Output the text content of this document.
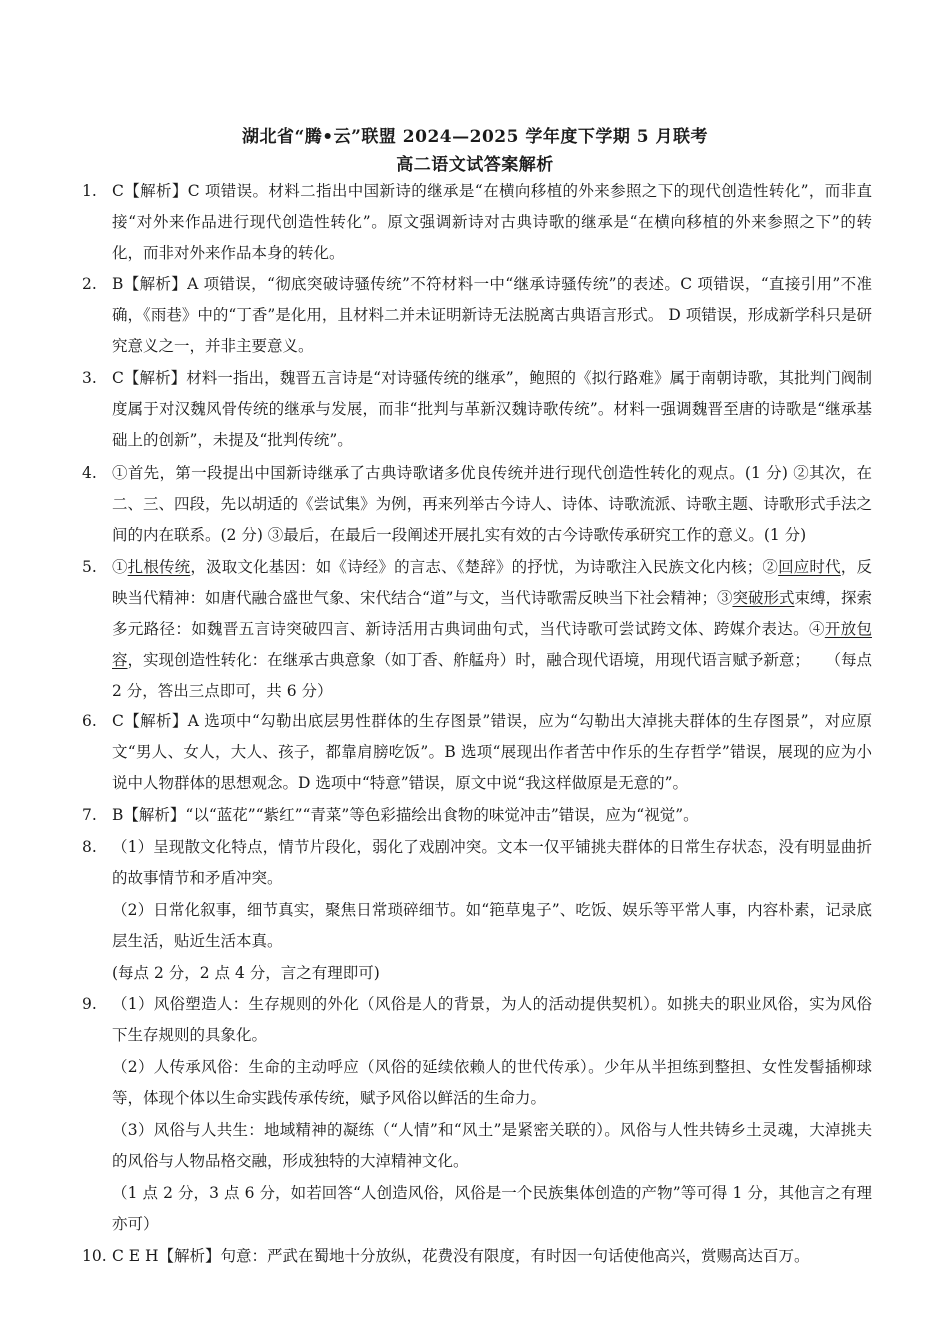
湖北省“腾•云”联盟 2024—2025 学年度下学期 5 月联考
高二语文试答案解析
1. C【解析】C 项错误。材料二指出中国新诗的继承是“在横向移植的外来参照之下的现代创造性转化”，而非直接“对外来作品进行现代创造性转化”。原文强调新诗对古典诗歌的继承是“在横向移植的外来参照之下”的转化，而非对外来作品本身的转化。
2. B【解析】A 项错误，“彻底突破诗骚传统”不符材料一中“继承诗骚传统”的表述。C 项错误，“直接引用”不准确，《雨巷》中的“丁香”是化用，且材料二并未证明新诗无法脱离古典语言形式。 D 项错误，形成新学科只是研究意义之一，并非主要意义。
3. C【解析】材料一指出，魏晋五言诗是“对诗骚传统的继承”，鲍照的《拟行路难》属于南朝诗歌，其批判门阀制度属于对汉魏风骨传统的继承与发展，而非“批判与革新汉魏诗歌传统”。材料一强调魏晋至唐的诗歌是“继承基础上的创新”，未提及“批判传统”。
4. ①首先，第一段提出中国新诗继承了古典诗歌诸多优良传统并进行现代创造性转化的观点。(1 分) ②其次，在二、三、四段，先以胡适的《尝试集》为例，再来列举古今诗人、诗体、诗歌流派、诗歌主题、诗歌形式手法之间的内在联系。(2 分) ③最后，在最后一段阐述开展扎实有效的古今诗歌传承研究工作的意义。(1 分)
5. ①扎根传统，汲取文化基因：如《诗经》的言志、《楚辞》的抒忧，为诗歌注入民族文化内核；②回应时代，反映当代精神：如唐代融合盛世气象、宋代结合“道”与文，当代诗歌需反映当下社会精神；③突破形式束缚，探索多元路径：如魏晋五言诗突破四言、新诗活用古典词曲句式，当代诗歌可尝试跨文体、跨媒介表达。④开放包容，实现创造性转化：在继承古典意象（如丁香、舴艋舟）时，融合现代语境，用现代语言赋予新意；　　（每点 2 分，答出三点即可，共 6 分）
6. C【解析】A 选项中“勾勒出底层男性群体的生存图景”错误，应为“勾勒出大淖挑夫群体的生存图景”，对应原文“男人、女人，大人、孩子，都靠肩膀吃饭”。B 选项“展现出作者苦中作乐的生存哲学”错误，展现的应为小说中人物群体的思想观念。D 选项中“特意”错误，原文中说“我这样做原是无意的”。
7. B【解析】“以“蓝花”“紫红”“青菜”等色彩描绘出食物的味觉冲击”错误，应为“视觉”。
8. （1）呈现散文化特点，情节片段化，弱化了戏剧冲突。文本一仅平铺挑夫群体的日常生存状态，没有明显曲折的故事情节和矛盾冲突。

（2）日常化叙事，细节真实，聚焦日常琐碎细节。如“筢草鬼子”、吃饭、娱乐等平常人事，内容朴素，记录底层生活，贴近生活本真。

(每点 2 分，2 点 4 分，言之有理即可)

9. （1）风俗塑造人：生存规则的外化（风俗是人的背景，为人的活动提供契机）。如挑夫的职业风俗，实为风俗下生存规则的具象化。

（2）人传承风俗：生命的主动呼应（风俗的延续依赖人的世代传承）。少年从半担练到整担、女性发髻插柳球等，体现个体以生命实践传承传统，赋予风俗以鲜活的生命力。

（3）风俗与人共生：地域精神的凝练（“人情”和“风土”是紧密关联的）。风俗与人性共铸乡土灵魂，大淖挑夫的风俗与人物品格交融，形成独特的大淖精神文化。

（1 点 2 分，3 点 6 分，如若回答“人创造风俗，风俗是一个民族集体创造的产物”等可得 1 分，其他言之有理亦可）

10. C E H【解析】句意：严武在蜀地十分放纵，花费没有限度，有时因一句话使他高兴，赏赐高达百万。
